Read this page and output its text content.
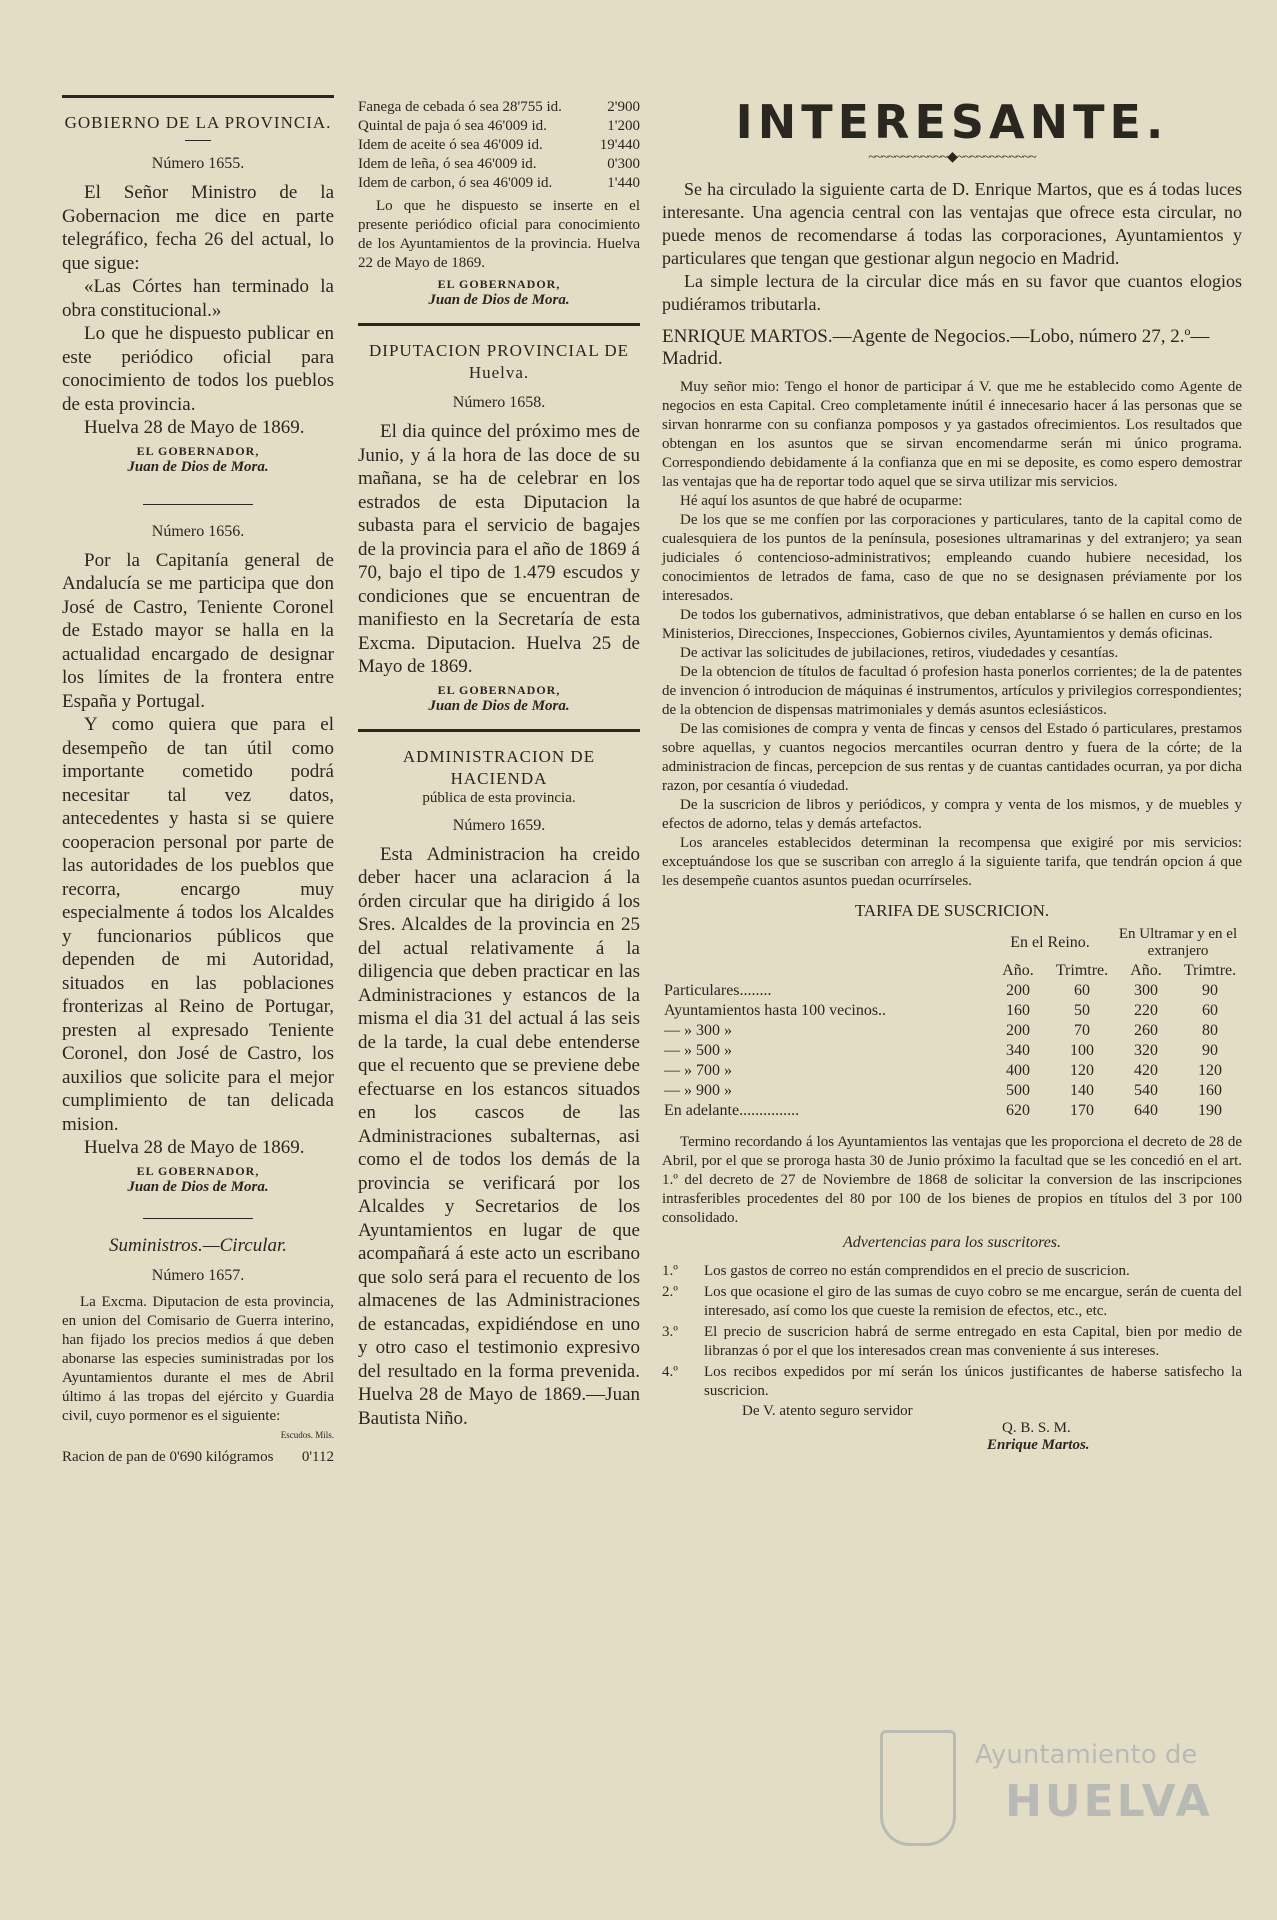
GOBIERNO DE LA PROVINCIA.
Número 1655.

El Señor Ministro de la Gobernacion me dice en parte telegráfico, fecha 26 del actual, lo que sigue:

«Las Córtes han terminado la obra constitucional.»

Lo que he dispuesto publicar en este periódico oficial para conocimiento de todos los pueblos de esta provincia.

Huelva 28 de Mayo de 1869.

EL GOBERNADOR,
Juan de Dios de Mora.
Número 1656.

Por la Capitanía general de Andalucía se me participa que don José de Castro, Teniente Coronel de Estado mayor se halla en la actualidad encargado de designar los límites de la frontera entre España y Portugal.

Y como quiera que para el desempeño de tan útil como importante cometido podrá necesitar tal vez datos, antecedentes y hasta si se quiere cooperacion personal por parte de las autoridades de los pueblos que recorra, encargo muy especialmente á todos los Alcaldes y funcionarios públicos que dependen de mi Autoridad, situados en las poblaciones fronterizas al Reino de Portugar, presten al expresado Teniente Coronel, don José de Castro, los auxilios que solicite para el mejor cumplimiento de tan delicada mision.

Huelva 28 de Mayo de 1869.

EL GOBERNADOR,
Juan de Dios de Mora.
Suministros.—Circular.
Número 1657.

La Excma. Diputacion de esta provincia, en union del Comisario de Guerra interino, han fijado los precios medios á que deben abonarse las especies suministradas por los Ayuntamientos durante el mes de Abril último á las tropas del ejército y Guardia civil, cuyo pormenor es el siguiente:

Escudos. Mils.
Racion de pan de 0'690 kilógramos	0'112
Fanega de cebada ó sea 28'755 id.	2'900
Quintal de paja ó sea 46'009 id.	1'200
Idem de aceite ó sea 46'009 id.	19'440
Idem de leña, ó sea 46'009 id.	0'300
Idem de carbon, ó sea 46'009 id.	1'440

Lo que he dispuesto se inserte en el presente periódico oficial para conocimiento de los Ayuntamientos de la provincia. Huelva 22 de Mayo de 1869.

EL GOBERNADOR,
Juan de Dios de Mora.
DIPUTACION PROVINCIAL DE Huelva.
Número 1658.

El dia quince del próximo mes de Junio, y á la hora de las doce de su mañana, se ha de celebrar en los estrados de esta Diputacion la subasta para el servicio de bagajes de la provincia para el año de 1869 á 70, bajo el tipo de 1.479 escudos y condiciones que se encuentran de manifiesto en la Secretaría de esta Excma. Diputacion. Huelva 25 de Mayo de 1869.

EL GOBERNADOR,
Juan de Dios de Mora.
ADMINISTRACION DE HACIENDA
pública de esta provincia.
Número 1659.

Esta Administracion ha creido deber hacer una aclaracion á la órden circular que ha dirigido á los Sres. Alcaldes de la provincia en 25 del actual relativamente á la diligencia que deben practicar en las Administraciones y estancos de la misma el dia 31 del actual á las seis de la tarde, la cual debe entenderse que el recuento que se previene debe efectuarse en los estancos situados en los cascos de las Administraciones subalternas, asi como el de todos los demás de la provincia se verificará por los Alcaldes y Secretarios de los Ayuntamientos en lugar de que acompañará á este acto un escribano que solo será para el recuento de los almacenes de las Administraciones de estancadas, expidiéndose en uno y otro caso el testimonio expresivo del resultado en la forma prevenida. Huelva 28 de Mayo de 1869.—Juan Bautista Niño.

INTERESANTE.
~~~~~~~~~~~~◆~~~~~~~~~~~~

Se ha circulado la siguiente carta de D. Enrique Martos, que es á todas luces interesante. Una agencia central con las ventajas que ofrece esta circular, no puede menos de recomendarse á todas las corporaciones, Ayuntamientos y particulares que tengan que gestionar algun negocio en Madrid.

La simple lectura de la circular dice más en su favor que cuantos elogios pudiéramos tributarla.

ENRIQUE MARTOS.—Agente de Negocios.—Lobo, número 27, 2.º—Madrid.

Muy señor mio: Tengo el honor de participar á V. que me he establecido como Agente de negocios en esta Capital. Creo completamente inútil é innecesario hacer á las personas que se sirvan honrarme con su confianza pomposos y ya gastados ofrecimientos. Los resultados que obtengan en los asuntos que se sirvan encomendarme serán mi único programa. Correspondiendo debidamente á la confianza que en mi se deposite, es como espero demostrar las ventajas que ha de reportar todo aquel que se sirva utilizar mis servicios.

Hé aquí los asuntos de que habré de ocuparme:

De los que se me confíen por las corporaciones y particulares, tanto de la capital como de cualesquiera de los puntos de la península, posesiones ultramarinas y del extranjero; ya sean judiciales ó contencioso-administrativos; empleando cuando hubiere necesidad, los conocimientos de letrados de fama, caso de que no se designasen préviamente por los interesados.

De todos los gubernativos, administrativos, que deban entablarse ó se hallen en curso en los Ministerios, Direcciones, Inspecciones, Gobiernos civiles, Ayuntamientos y demás oficinas.

De activar las solicitudes de jubilaciones, retiros, viudedades y cesantías.

De la obtencion de títulos de facultad ó profesion hasta ponerlos corrientes; de la de patentes de invencion ó introducion de máquinas é instrumentos, artículos y privilegios correspondientes; de la obtencion de dispensas matrimoniales y demás asuntos eclesiásticos.

De las comisiones de compra y venta de fincas y censos del Estado ó particulares, prestamos sobre aquellas, y cuantos negocios mercantiles ocurran dentro y fuera de la córte; de la administracion de fincas, percepcion de sus rentas y de cuantas cantidades ocurran, ya por dicha razon, por cesantía ó viudedad.

De la suscricion de libros y periódicos, y compra y venta de los mismos, y de muebles y efectos de adorno, telas y demás artefactos.

Los aranceles establecidos determinan la recompensa que exigiré por mis servicios: exceptuándose los que se suscriban con arreglo á la siguiente tarifa, que tendrán opcion á que les desempeñe cuantos asuntos puedan ocurrírseles.

TARIFA DE SUSCRICION.
	En el Reino.		En Ultramar y en el extranjero	
	Año.	Trimtre.	Año.	Trimtre.
Particulares........	200	60	300	90
Ayuntamientos hasta 100 vecinos..	160	50	220	60
— » 300 »	200	70	260	80
— » 500 »	340	100	320	90
— » 700 »	400	120	420	120
— » 900 »	500	140	540	160
En adelante...............	620	170	640	190

Termino recordando á los Ayuntamientos las ventajas que les proporciona el decreto de 28 de Abril, por el que se proroga hasta 30 de Junio próximo la facultad que se les concedió en el art. 1.º del decreto de 27 de Noviembre de 1868 de solicitar la conversion de las inscripciones intrasferibles procedentes del 80 por 100 de los bienes de propios en títulos del 3 por 100 consolidado.

Advertencias para los suscritores.
1.º	Los gastos de correo no están comprendidos en el precio de suscricion.
2.º	Los que ocasione el giro de las sumas de cuyo cobro se me encargue, serán de cuenta del interesado, así como los que cueste la remision de efectos, etc., etc.
3.º	El precio de suscricion habrá de serme entregado en esta Capital, bien por medio de libranzas ó por el que los interesados crean mas conveniente á sus intereses.
4.º	Los recibos expedidos por mí serán los únicos justificantes de haberse satisfecho la suscricion.
De V. atento seguro servidor
Q. B. S. M.
Enrique Martos.
Ayuntamiento de
HUELVA
